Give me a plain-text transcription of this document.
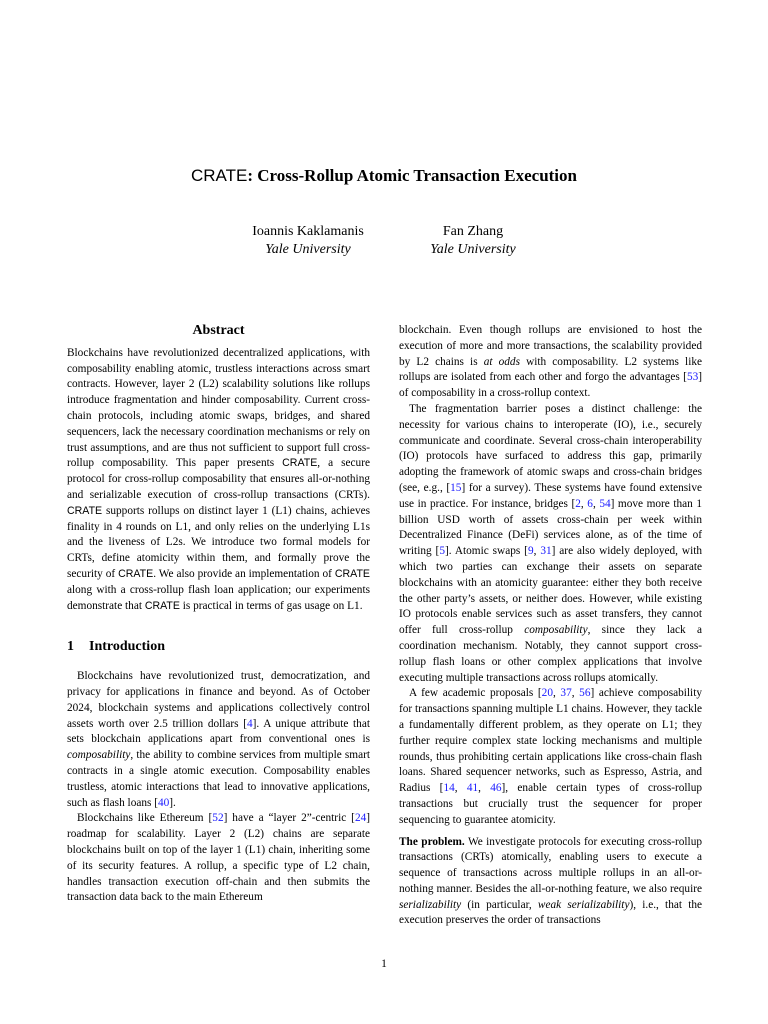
CRATE: Cross-Rollup Atomic Transaction Execution
Ioannis Kaklamanis
Yale University
Fan Zhang
Yale University
Abstract

Blockchains have revolutionized decentralized applications, with composability enabling atomic, trustless interactions across smart contracts. However, layer 2 (L2) scalability solutions like rollups introduce fragmentation and hinder composability. Current cross-chain protocols, including atomic swaps, bridges, and shared sequencers, lack the necessary coordination mechanisms or rely on trust assumptions, and are thus not sufficient to support full cross-rollup composability. This paper presents CRATE, a secure protocol for cross-rollup composability that ensures all-or-nothing and serializable execution of cross-rollup transactions (CRTs). CRATE supports rollups on distinct layer 1 (L1) chains, achieves finality in 4 rounds on L1, and only relies on the underlying L1s and the liveness of L2s. We introduce two formal models for CRTs, define atomicity within them, and formally prove the security of CRATE. We also provide an implementation of CRATE along with a cross-rollup flash loan application; our experiments demonstrate that CRATE is practical in terms of gas usage on L1.

1 Introduction

Blockchains have revolutionized trust, democratization, and privacy for applications in finance and beyond. As of October 2024, blockchain systems and applications collectively control assets worth over 2.5 trillion dollars [4]. A unique attribute that sets blockchain applications apart from conventional ones is composability, the ability to combine services from multiple smart contracts in a single atomic execution. Composability enables trustless, atomic interactions that lead to innovative applications, such as flash loans [40].

Blockchains like Ethereum [52] have a “layer 2”-centric [24] roadmap for scalability. Layer 2 (L2) chains are separate blockchains built on top of the layer 1 (L1) chain, inheriting some of its security features. A rollup, a specific type of L2 chain, handles transaction execution off-chain and then submits the transaction data back to the main Ethereum

blockchain. Even though rollups are envisioned to host the execution of more and more transactions, the scalability provided by L2 chains is at odds with composability. L2 systems like rollups are isolated from each other and forgo the advantages [53] of composability in a cross-rollup context.

The fragmentation barrier poses a distinct challenge: the necessity for various chains to interoperate (IO), i.e., securely communicate and coordinate. Several cross-chain interoperability (IO) protocols have surfaced to address this gap, primarily adopting the framework of atomic swaps and cross-chain bridges (see, e.g., [15] for a survey). These systems have found extensive use in practice. For instance, bridges [2, 6, 54] move more than 1 billion USD worth of assets cross-chain per week within Decentralized Finance (DeFi) services alone, as of the time of writing [5]. Atomic swaps [9, 31] are also widely deployed, with which two parties can exchange their assets on separate blockchains with an atomicity guarantee: either they both receive the other party’s assets, or neither does. However, while existing IO protocols enable services such as asset transfers, they cannot offer full cross-rollup composability, since they lack a coordination mechanism. Notably, they cannot support cross-rollup flash loans or other complex applications that involve executing multiple transactions across rollups atomically.

A few academic proposals [20, 37, 56] achieve composability for transactions spanning multiple L1 chains. However, they tackle a fundamentally different problem, as they operate on L1; they further require complex state locking mechanisms and multiple rounds, thus prohibiting certain applications like cross-chain flash loans. Shared sequencer networks, such as Espresso, Astria, and Radius [14, 41, 46], enable certain types of cross-rollup transactions but crucially trust the sequencer for proper sequencing to guarantee atomicity.

The problem. We investigate protocols for executing cross-rollup transactions (CRTs) atomically, enabling users to execute a sequence of transactions across multiple rollups in an all-or-nothing manner. Besides the all-or-nothing feature, we also require serializability (in particular, weak serializability), i.e., that the execution preserves the order of transactions

1
